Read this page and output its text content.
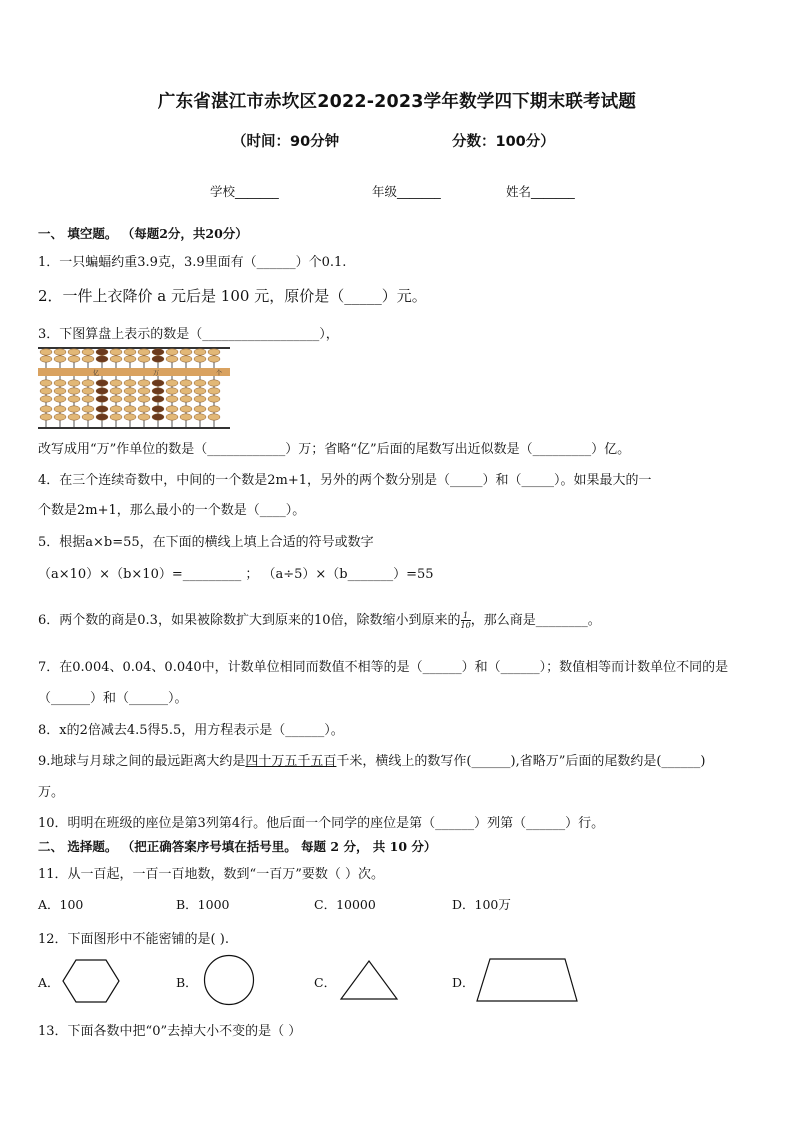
广东省湛江市赤坎区2022-2023学年数学四下期末联考试题
（时间：90分钟	分数：100分）
学校_______	年级_______	姓名_______
一、 填空题。 （每题2分，共20分）
1．一只蝙蝠约重3.9克，3.9里面有（______）个0.1.
2．一件上衣降价 a 元后是 100 元，原价是（_____）元。
3．下图算盘上表示的数是（__________________），
亿	万	个
改写成用“万”作单位的数是（____________）万；省略“亿”后面的尾数写出近似数是（_________）亿。
4．在三个连续奇数中，中间的一个数是2m+1，另外的两个数分别是（_____）和（_____）。如果最大的一
个数是2m+1，那么最小的一个数是（____）。
5．根据a×b=55，在下面的横线上填上合适的符号或数字
（a×10）×（b×10）=_________ ； （a÷5）×（b_______）=55
6．两个数的商是0.3，如果被除数扩大到原来的10倍，除数缩小到原来的 $\frac{1}{10}$ ，那么商是________。
7．在0.004、0.04、0.040中，计数单位相同而数值不相等的是（______）和（______）；数值相等而计数单位不同的是
（______）和（______）。
8．x的2倍减去4.5得5.5，用方程表示是（______）。
9.地球与月球之间的最远距离大约是四十万五千五百千米，横线上的数写作(______),省略万”后面的尾数约是(______)
万。
10．明明在班级的座位是第3列第4行。他后面一个同学的座位是第（______）列第（______）行。
二、 选择题。 （把正确答案序号填在括号里。 每题 2 分， 共 10 分）
11．从一百起，一百一百地数，数到“一百万”要数（ ）次。
A．100	B．1000	C．10000	D．100万
12．下面图形中不能密铺的是( ).
A．	B．	C．	D．
13．下面各数中把“0”去掉大小不变的是（ ）
